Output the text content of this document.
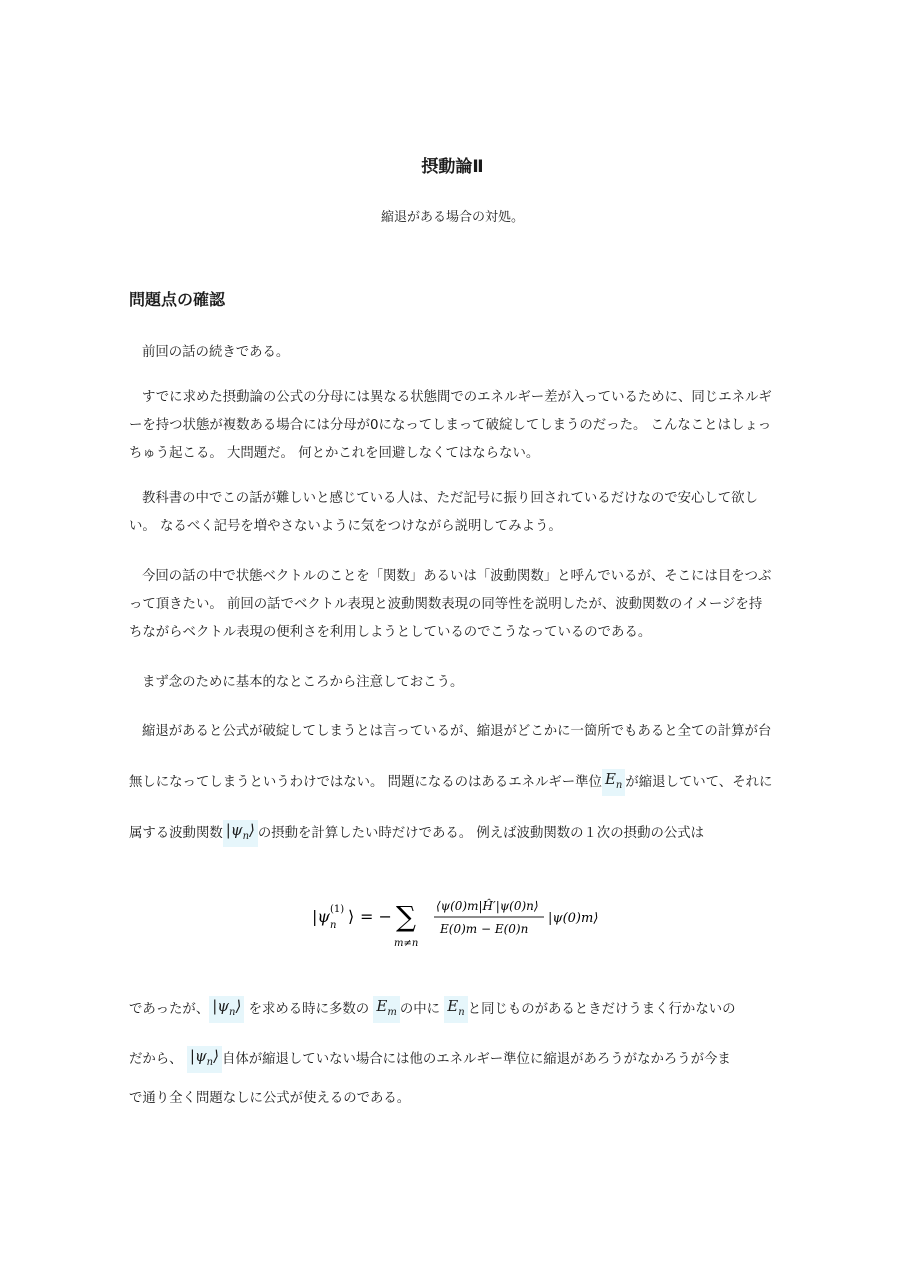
摂動論Ⅱ
縮退がある場合の対処。
問題点の確認

前回の話の続きである。

すでに求めた摂動論の公式の分母には異なる状態間でのエネルギー差が入っているために、同じエネルギーを持つ状態が複数ある場合には分母が0になってしまって破綻してしまうのだった。 こんなことはしょっちゅう起こる。 大問題だ。 何とかこれを回避しなくてはならない。

教科書の中でこの話が難しいと感じている人は、ただ記号に振り回されているだけなので安心して欲しい。 なるべく記号を増やさないように気をつけながら説明してみよう。

今回の話の中で状態ベクトルのことを「関数」あるいは「波動関数」と呼んでいるが、そこには目をつぶって頂きたい。 前回の話でベクトル表現と波動関数表現の同等性を説明したが、波動関数のイメージを持ちながらベクトル表現の便利さを利用しようとしているのでこうなっているのである。

まず念のために基本的なところから注意しておこう。

縮退があると公式が破綻してしまうとは言っているが、縮退がどこかに一箇所でもあると全ての計算が台無しになってしまうというわけではない。 問題になるのはあるエネルギー準位 $E_n$ が縮退していて、それに属する波動関数 $|\psi_n⟩$ の摂動を計算したい時だけである。 例えば波動関数の１次の摂動の公式は

|ψ (1)
n ⟩ = − ∑
m≠n
⟨ψ(0)m|Ĥ′|ψ(0)n⟩
E(0)m − E(0)n
|ψ(0)m⟩
であったが、 $|\psi_n⟩$ を求める時に多数の $E_m$ の中に $E_n$ と同じものがあるときだけうまく行かないの
だから、 $|\psi_n⟩$ 自体が縮退していない場合には他のエネルギー準位に縮退があろうがなかろうが今ま
で通り全く問題なしに公式が使えるのである。
